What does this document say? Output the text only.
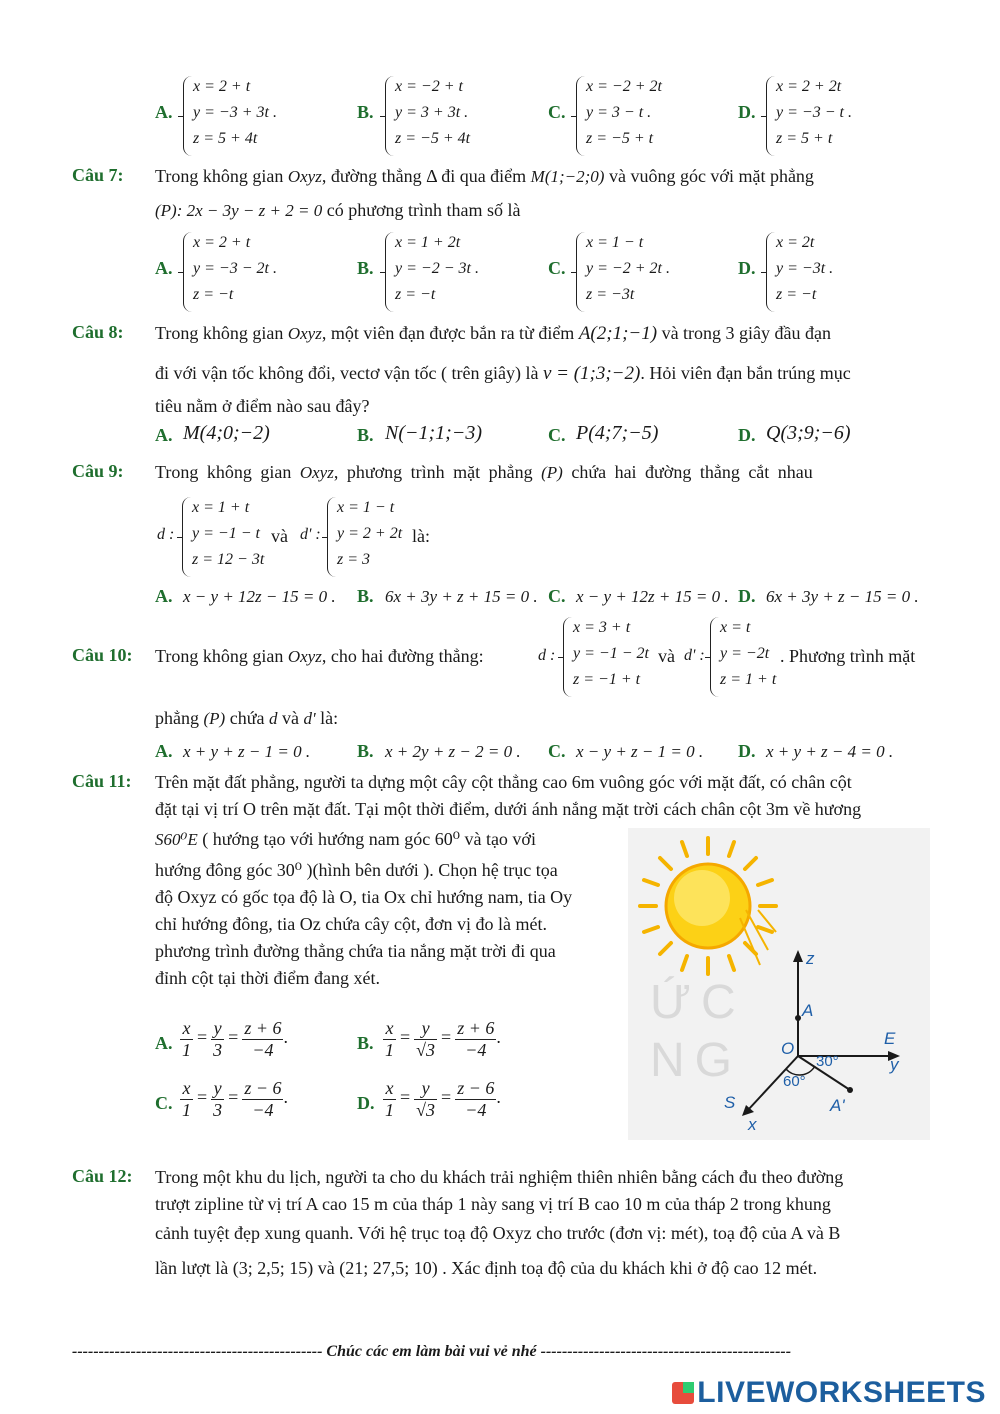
A.
x = 2 + t
y = −3 + 3t .
z = 5 + 4t
B.
x = −2 + t
y = 3 + 3t .
z = −5 + 4t
C.
x = −2 + 2t
y = 3 − t .
z = −5 + t
D.
x = 2 + 2t
y = −3 − t .
z = 5 + t
Câu 7: Trong không gian Oxyz, đường thẳng Δ đi qua điểm M(1;−2;0) và vuông góc với mặt phẳng
(P): 2x − 3y − z + 2 = 0 có phương trình tham số là
A.
x = 2 + t
y = −3 − 2t .
z = −t
B.
x = 1 + 2t
y = −2 − 3t .
z = −t
C.
x = 1 − t
y = −2 + 2t .
z = −3t
D.
x = 2t
y = −3t .
z = −t
Câu 8: Trong không gian Oxyz, một viên đạn được bắn ra từ điểm A(2;1;−1) và trong 3 giây đầu đạn
đi với vận tốc không đổi, vectơ vận tốc ( trên giây) là v = (1;3;−2). Hỏi viên đạn bắn trúng mục
tiêu nằm ở điểm nào sau đây?
A. M(4;0;−2)	B. N(−1;1;−3)	C. P(4;7;−5)	D. Q(3;9;−6)
Câu 9: Trong không gian Oxyz, phương trình mặt phẳng (P) chứa hai đường thẳng cắt nhau
d :
x = 1 + t
y = −1 − t
z = 12 − 3t
và d' :
x = 1 − t
y = 2 + 2t
z = 3
là:
A. x − y + 12z − 15 = 0 . B. 6x + 3y + z + 15 = 0 . C. x − y + 12z + 15 = 0 . D. 6x + 3y + z − 15 = 0 .
Câu 10: Trong không gian Oxyz, cho hai đường thẳng:	d :
x = 3 + t
y = −1 − 2t
z = −1 + t
và d' :
x = t
y = −2t
z = 1 + t
. Phương trình mặt
phẳng (P) chứa d và d' là:
A. x + y + z − 1 = 0 .	B. x + 2y + z − 2 = 0 . C. x − y + z − 1 = 0 . D. x + y + z − 4 = 0 .
Câu 11: Trên mặt đất phẳng, người ta dựng một cây cột thẳng cao 6m vuông góc với mặt đất, có chân cột
đặt tại vị trí O trên mặt đất. Tại một thời điểm, dưới ánh nắng mặt trời cách chân cột 3m về hương
S60⁰E ( hướng tạo với hướng nam góc 60⁰ và tạo với
hướng đông góc 30⁰ )(hình bên dưới ). Chọn hệ trục tọa
độ Oxyz có gốc tọa độ là O, tia Ox chỉ hướng nam, tia Oy
chỉ hướng đông, tia Oz chứa cây cột, đơn vị đo là mét.
phương trình đường thẳng chứa tia nắng mặt trời đi qua
đỉnh cột tại thời điểm đang xét.
A. $\frac{x}{1} = \frac{y}{3} = \frac{z + 6}{-4}$ .	B. $\frac{x}{1} = \frac{y}{√3} = \frac{z + 6}{-4}$ .
C. $\frac{x}{1} = \frac{y}{3} = \frac{z - 6}{-4}$ .	D. $\frac{x}{1} = \frac{y}{√3} = \frac{z - 6}{-4}$ .
ỨC
NG
z
A
O
E
y
S
x
A'
30°
60°
Câu 12: Trong một khu du lịch, người ta cho du khách trải nghiệm thiên nhiên bằng cách đu theo đường
trượt zipline từ vị trí A cao 15 m của tháp 1 này sang vị trí B cao 10 m của tháp 2 trong khung
cảnh tuyệt đẹp xung quanh. Với hệ trục toạ độ Oxyz cho trước (đơn vị: mét), toạ độ của A và B
lần lượt là (3; 2,5; 15) và (21; 27,5; 10) . Xác định toạ độ của du khách khi ở độ cao 12 mét.
----------------------------------------------- Chúc các em làm bài vui vẻ nhé -----------------------------------------------
LIVEWORKSHEETS
